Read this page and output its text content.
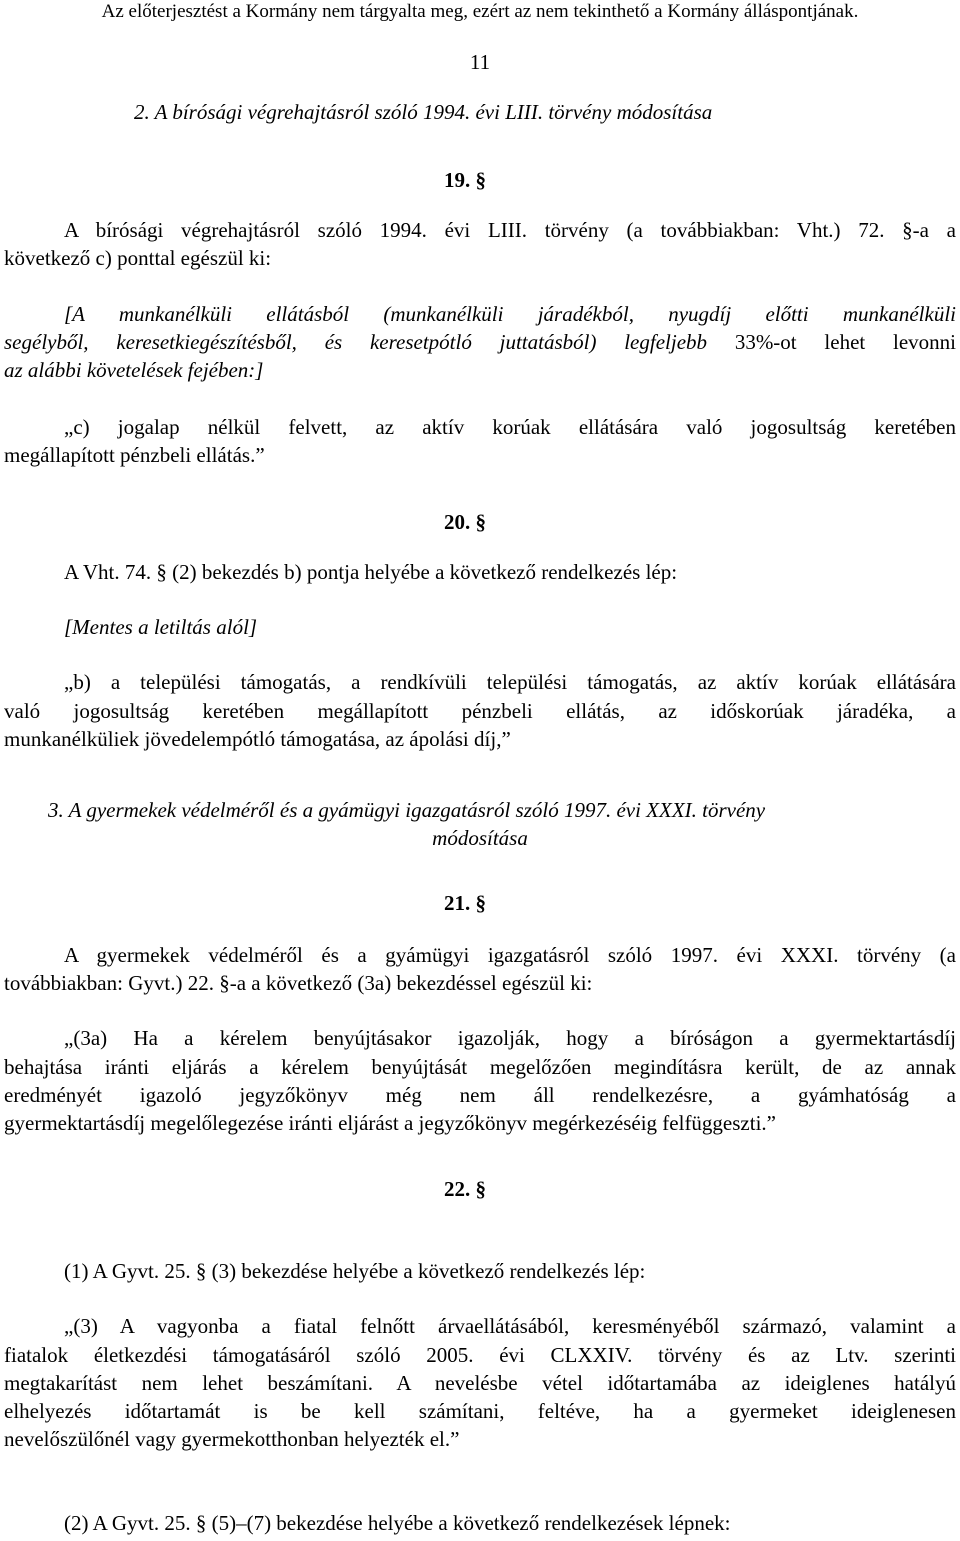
Az előterjesztést a Kormány nem tárgyalta meg, ezért az nem tekinthető a Kormány álláspontjának.
11
2. A bírósági végrehajtásról szóló 1994. évi LIII. törvény módosítása
19. §
A bírósági végrehajtásról szóló 1994. évi LIII. törvény (a továbbiakban: Vht.) 72. §-a a
következő c) ponttal egészül ki:
[A munkanélküli ellátásból (munkanélküli járadékból, nyugdíj előtti munkanélküli
segélyből, keresetkiegészítésből, és keresetpótló juttatásból) legfeljebb 33%-ot lehet levonni
az alábbi követelések fejében:]
„c) jogalap nélkül felvett, az aktív korúak ellátására való jogosultság keretében
megállapított pénzbeli ellátás.”
20. §
A Vht. 74. § (2) bekezdés b) pontja helyébe a következő rendelkezés lép:
[Mentes a letiltás alól]
„b) a települési támogatás, a rendkívüli települési támogatás, az aktív korúak ellátására
való jogosultság keretében megállapított pénzbeli ellátás, az időskorúak járadéka, a
munkanélküliek jövedelempótló támogatása, az ápolási díj,”
3. A gyermekek védelméről és a gyámügyi igazgatásról szóló 1997. évi XXXI. törvény
módosítása
21. §
A gyermekek védelméről és a gyámügyi igazgatásról szóló 1997. évi XXXI. törvény (a
továbbiakban: Gyvt.) 22. §-a a következő (3a) bekezdéssel egészül ki:
„(3a) Ha a kérelem benyújtásakor igazolják, hogy a bíróságon a gyermektartásdíj
behajtása iránti eljárás a kérelem benyújtását megelőzően megindításra került, de az annak
eredményét igazoló jegyzőkönyv még nem áll rendelkezésre, a gyámhatóság a
gyermektartásdíj megelőlegezése iránti eljárást a jegyzőkönyv megérkezéséig felfüggeszti.”
22. §
(1) A Gyvt. 25. § (3) bekezdése helyébe a következő rendelkezés lép:
„(3) A vagyonba a fiatal felnőtt árvaellátásából, keresményéből származó, valamint a
fiatalok életkezdési támogatásáról szóló 2005. évi CLXXIV. törvény és az Ltv. szerinti
megtakarítást nem lehet beszámítani. A nevelésbe vétel időtartamába az ideiglenes hatályú
elhelyezés időtartamát is be kell számítani, feltéve, ha a gyermeket ideiglenesen
nevelőszülőnél vagy gyermekotthonban helyezték el.”
(2) A Gyvt. 25. § (5)–(7) bekezdése helyébe a következő rendelkezések lépnek:
